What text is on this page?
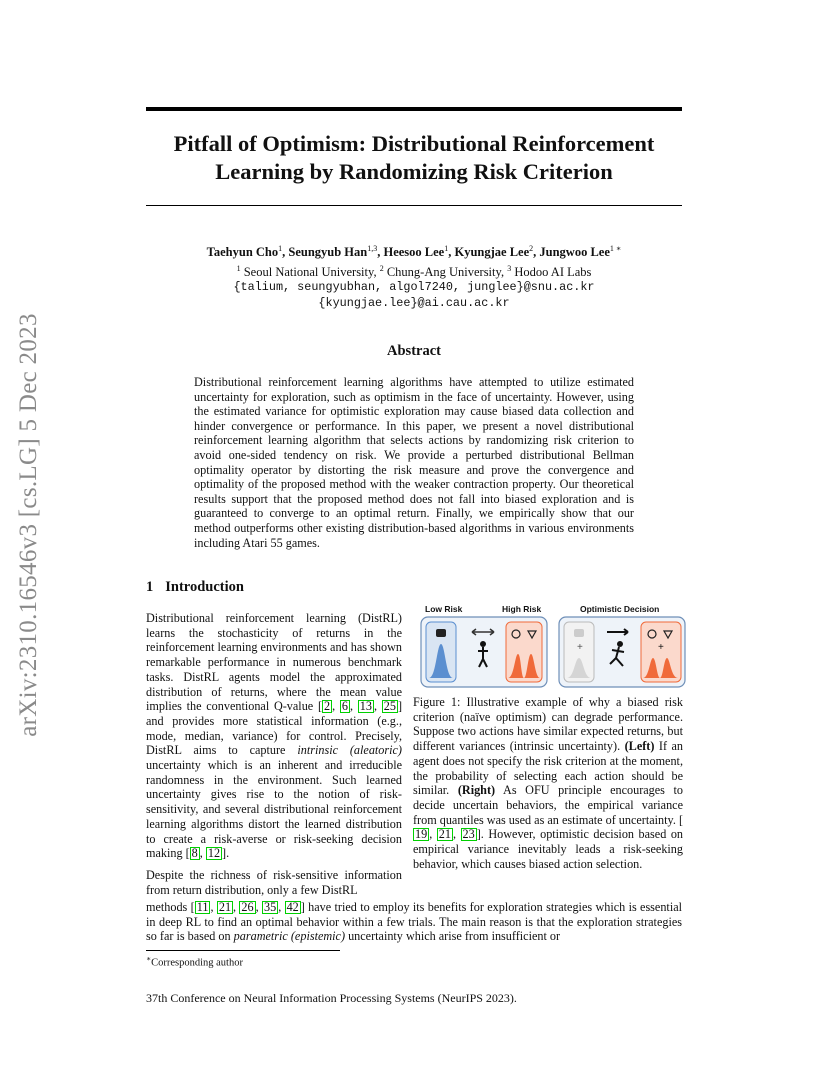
arXiv:2310.16546v3 [cs.LG] 5 Dec 2023
Pitfall of Optimism: Distributional Reinforcement
Learning by Randomizing Risk Criterion
Taehyun Cho$^1$, Seungyub Han$^{1,3}$, Heesoo Lee$^1$, Kyungjae Lee$^2$, Jungwoo Lee$^{1 ∗}$
$^1$ Seoul National University, $^2$ Chung-Ang University, $^3$ Hodoo AI Labs
{talium, seungyubhan, algol7240, junglee}@snu.ac.kr
{kyungjae.lee}@ai.cau.ac.kr
Abstract
Distributional reinforcement learning algorithms have attempted to utilize estimated uncertainty for exploration, such as optimism in the face of uncertainty. However, using the estimated variance for optimistic exploration may cause biased data collection and hinder convergence or performance. In this paper, we present a novel distributional reinforcement learning algorithm that selects actions by randomizing risk criterion to avoid one-sided tendency on risk. We provide a perturbed distributional Bellman optimality operator by distorting the risk measure and prove the convergence and optimality of the proposed method with the weaker contraction property. Our theoretical results support that the proposed method does not fall into biased exploration and is guaranteed to converge to an optimal return. Finally, we empirically show that our method outperforms other existing distribution-based algorithms in various environments including Atari 55 games.
1 Introduction

Distributional reinforcement learning (DistRL) learns the stochasticity of returns in the reinforcement learning environments and has shown remarkable performance in numerous benchmark tasks. DistRL agents model the approximated distribution of returns, where the mean value implies the conventional Q-value [ 2 , 6 , 13 , 25 ] and provides more statistical information (e.g., mode, median, variance) for control. Precisely, DistRL aims to capture intrinsic (aleatoric) uncertainty which is an inherent and irreducible randomness in the environment. Such learned uncertainty gives rise to the notion of risk-sensitivity, and several distributional reinforcement learning algorithms distort the learned distribution to create a risk-averse or risk-seeking decision making [ 8 , 12 ].

Despite the richness of risk-sensitive information from return distribution, only a few DistRL

methods [ 11 , 21 , 26 , 35 , 42 ] have tried to employ its benefits for exploration strategies which is essential in deep RL to find an optimal behavior within a few trials. The main reason is that the exploration strategies so far is based on parametric (epistemic) uncertainty which arise from insufficient or
Low Risk	High Risk	Optimistic Decision
+	+
Figure 1: Illustrative example of why a biased risk criterion (naïve optimism) can degrade performance. Suppose two actions have similar expected returns, but different variances (intrinsic uncertainty). (Left) If an agent does not specify the risk criterion at the moment, the probability of selecting each action should be similar. (Right) As OFU principle encourages to decide uncertain behaviors, the empirical variance from quantiles was used as an estimate of uncertainty. [19 , 21 , 23 ]. However, optimistic decision based on empirical variance inevitably leads a risk-seeking behavior, which causes biased action selection.
∗Corresponding author
37th Conference on Neural Information Processing Systems (NeurIPS 2023).
